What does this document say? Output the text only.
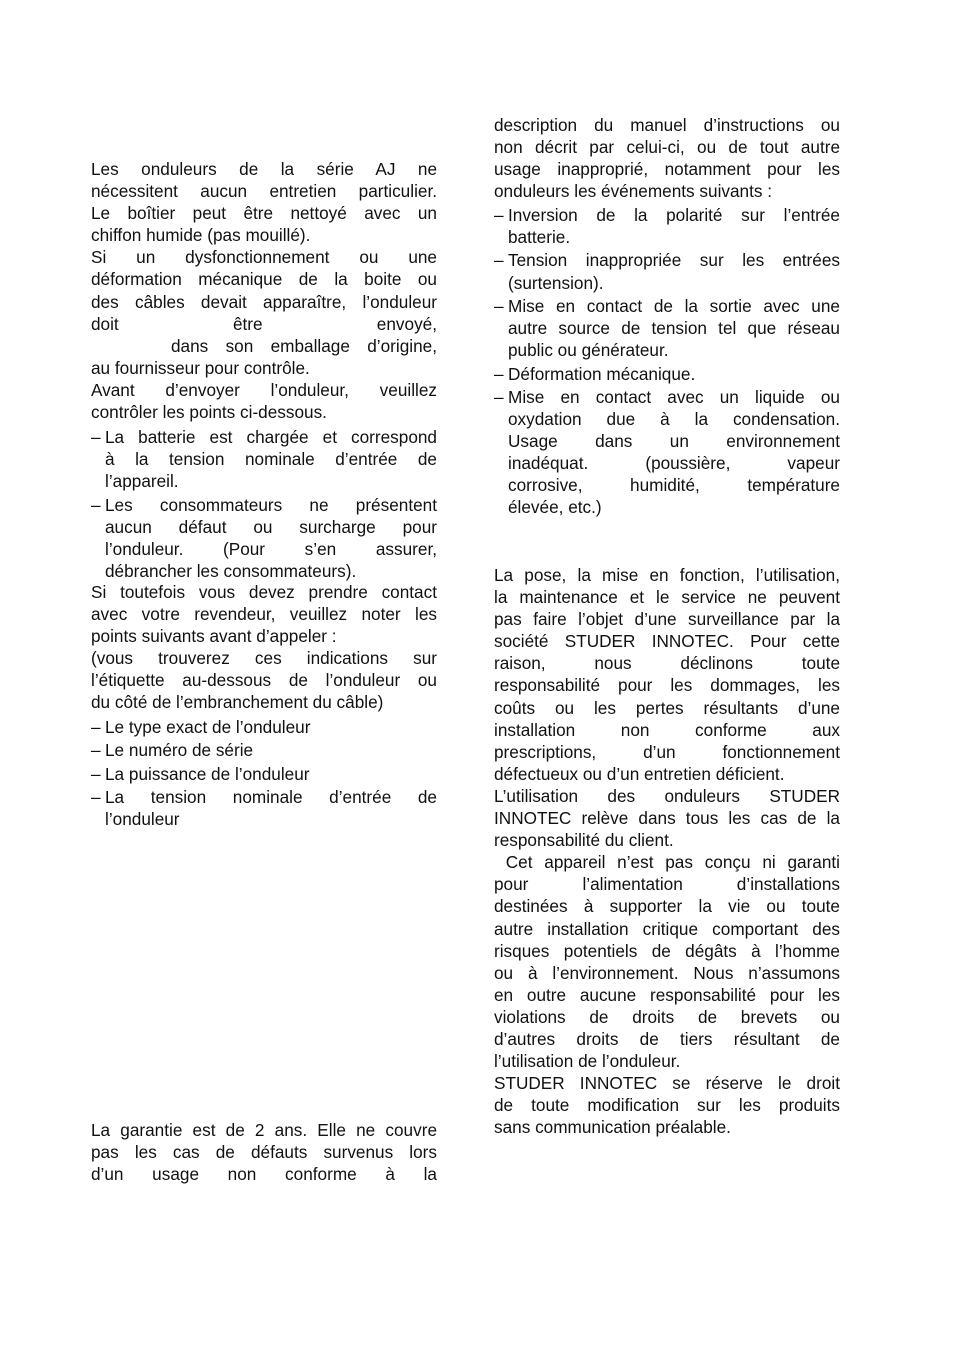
Les onduleurs de la série AJ ne
nécessitent aucun entretien particulier.
Le boîtier peut être nettoyé avec un
chiffon humide (pas mouillé).
Si un dysfonctionnement ou une
déformation mécanique de la boite ou
des câbles devait apparaître, l’onduleur
doit être envoyé,
dans son emballage d’origine,
au fournisseur pour contrôle.
Avant d’envoyer l’onduleur, veuillez
contrôler les points ci-dessous.
– La batterie est chargée et correspond
à la tension nominale d’entrée de
l’appareil.
– Les consommateurs ne présentent
aucun défaut ou surcharge pour
l’onduleur. (Pour s’en assurer,
débrancher les consommateurs).
Si toutefois vous devez prendre contact
avec votre revendeur, veuillez noter les
points suivants avant d’appeler :
(vous trouverez ces indications sur
l’étiquette au-dessous de l’onduleur ou
du côté de l’embranchement du câble)
– Le type exact de l’onduleur
– Le numéro de série
– La puissance de l’onduleur
– La tension nominale d’entrée de
l’onduleur
La garantie est de 2 ans. Elle ne couvre
pas les cas de défauts survenus lors
d’un usage non conforme à la
description du manuel d’instructions ou
non décrit par celui-ci, ou de tout autre
usage inapproprié, notamment pour les
onduleurs les événements suivants :
– Inversion de la polarité sur l’entrée
batterie.
– Tension inappropriée sur les entrées
(surtension).
– Mise en contact de la sortie avec une
autre source de tension tel que réseau
public ou générateur.
– Déformation mécanique.
– Mise en contact avec un liquide ou
oxydation due à la condensation.
Usage dans un environnement
inadéquat. (poussière, vapeur
corrosive, humidité, température
élevée, etc.)
La pose, la mise en fonction, l’utilisation,
la maintenance et le service ne peuvent
pas faire l’objet d’une surveillance par la
société STUDER INNOTEC. Pour cette
raison, nous déclinons toute
responsabilité pour les dommages, les
coûts ou les pertes résultants d’une
installation non conforme aux
prescriptions, d’un fonctionnement
défectueux ou d’un entretien déficient.
L’utilisation des onduleurs STUDER
INNOTEC relève dans tous les cas de la
responsabilité du client.
Cet appareil n’est pas conçu ni garanti
pour l’alimentation d’installations
destinées à supporter la vie ou toute
autre installation critique comportant des
risques potentiels de dégâts à l’homme
ou à l’environnement. Nous n’assumons
en outre aucune responsabilité pour les
violations de droits de brevets ou
d’autres droits de tiers résultant de
l’utilisation de l’onduleur.
STUDER INNOTEC se réserve le droit
de toute modification sur les produits
sans communication préalable.
